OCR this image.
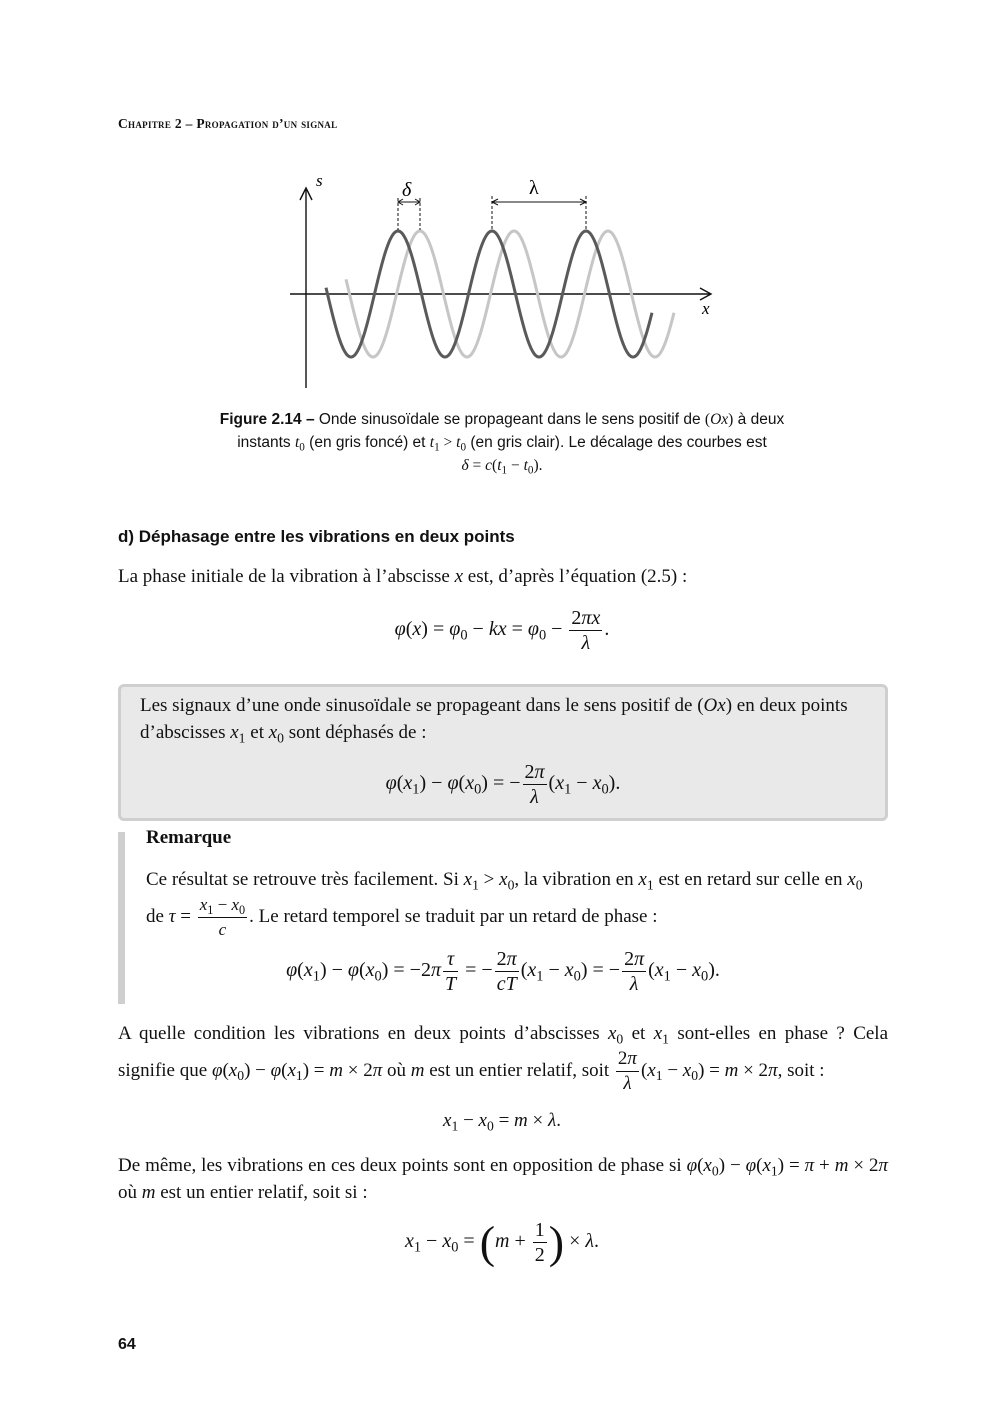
Chapitre 2 – Propagation d’un signal
s
x
δ	λ
Figure 2.14 – Onde sinusoïdale se propageant dans le sens positif de (Ox) à deux
instants $t_0$ (en gris foncé) et $t_1 > t_0$ (en gris clair). Le décalage des courbes est
$\delta = c(t_1 - t_0)$.
d) Déphasage entre les vibrations en deux points
La phase initiale de la vibration à l’abscisse x est, d’après l’équation (2.5) :
$\varphi(x) = \varphi_0$ − kx = $\varphi_0 - \frac{2\pi x}{\lambda}$ .
Les signaux d’une onde sinusoïdale se propageant dans le sens positif de (Ox) en deux points d’abscisses $x_1$ et $x_0$ sont déphasés de :
$\varphi(x_1) - \varphi(x_0)$ = − $\frac{2\pi}{\lambda} (x_1 - x_0)$.
Remarque
Ce résultat se retrouve très facilement. Si $x_1 > x_0$, la vibration en $x_1$ est en retard sur celle en $x_0$ de $\tau = \frac{x_1 - x_0}{c}$ . Le retard temporel se traduit par un retard de phase :
$\varphi(x_1) - \varphi(x_0) = -2\pi \frac{\tau}{T}$ = − $\frac{2\pi}{cT} (x_1 - x_0)$ = − $\frac{2\pi}{\lambda} (x_1 - x_0)$.
A quelle condition les vibrations en deux points d’abscisses $x_0$ et $x_1$ sont-elles en phase ? Cela signifie que $\varphi(x_0) - \varphi(x_1) = m \times 2\pi$ où m est un entier relatif, soit $\frac{2\pi}{\lambda} (x_1 - x_0) = m \times 2\pi$, soit :
$x_1 - x_0 = m \times \lambda$.
De même, les vibrations en ces deux points sont en opposition de phase si $\varphi(x_0) - \varphi(x_1) = \pi + m \times 2\pi$ où m est un entier relatif, soit si :
$x_1 - x_0 = (m + \frac{1}{2}$ ) × λ.
64
